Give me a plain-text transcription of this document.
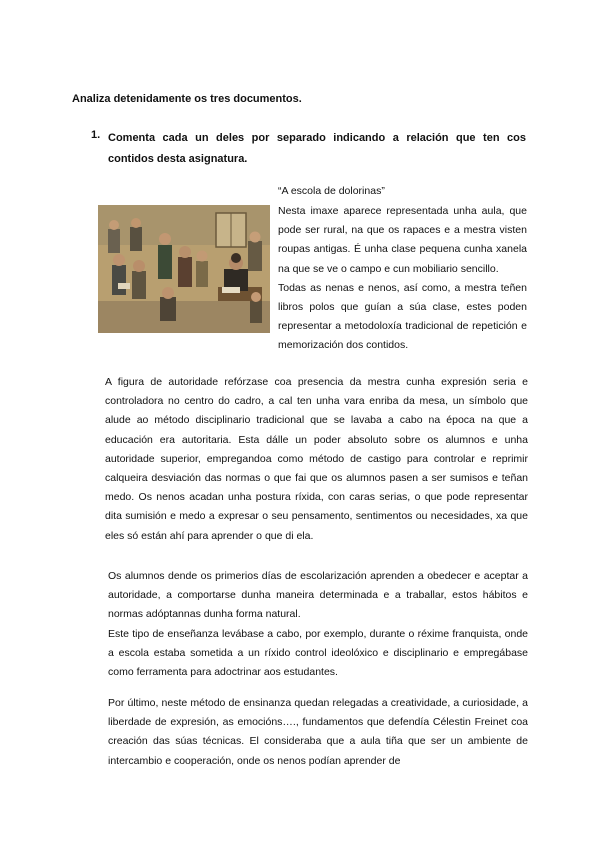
Analiza detenidamente os tres documentos.
1. Comenta cada un deles por separado indicando a relación que ten cos contidos desta asignatura.
“A escola de dolorinas”

Nesta imaxe aparece representada unha aula, que pode ser rural, na que os rapaces e a mestra visten roupas antigas. É unha clase pequena cunha xanela na que se ve o campo e cun mobiliario sencillo.

Todas as nenas e nenos, así como, a mestra teñen libros polos que guían a súa clase, estes poden representar a metodoloxía tradicional de repetición e memorización dos contidos.

A figura de autoridade refórzase coa presencia da mestra cunha expresión seria e controladora no centro do cadro, a cal ten unha vara enriba da mesa, un símbolo que alude ao método disciplinario tradicional que se lavaba a cabo na época na que a educación era autoritaria. Esta dálle un poder absoluto sobre os alumnos e unha autoridade superior, empregandoa como método de castigo para controlar e reprimir calqueira desviación das normas o que fai que os alumnos pasen a ser sumisos e teñan medo. Os nenos acadan unha postura ríxida, con caras serias, o que pode representar dita sumisión e medo a expresar o seu pensamento, sentimentos ou necesidades, xa que eles só están ahí para aprender o que di ela.

Os alumnos dende os primerios días de escolarización aprenden a obedecer e aceptar a autoridade, a comportarse dunha maneira determinada e a traballar, estos hábitos e normas adóptannas dunha forma natural.

Este tipo de enseñanza levábase a cabo, por exemplo, durante o réxime franquista, onde a escola estaba sometida a un ríxido control ideolóxico e disciplinario e empregábase como ferramenta para adoctrinar aos estudantes.

Por último, neste método de ensinanza quedan relegadas a creatividade, a curiosidade, a liberdade de expresión, as emocións…., fundamentos que defendía Célestin Freinet coa creación das súas técnicas. El consideraba que a aula tiña que ser un ambiente de intercambio e cooperación, onde os nenos podían aprender de
